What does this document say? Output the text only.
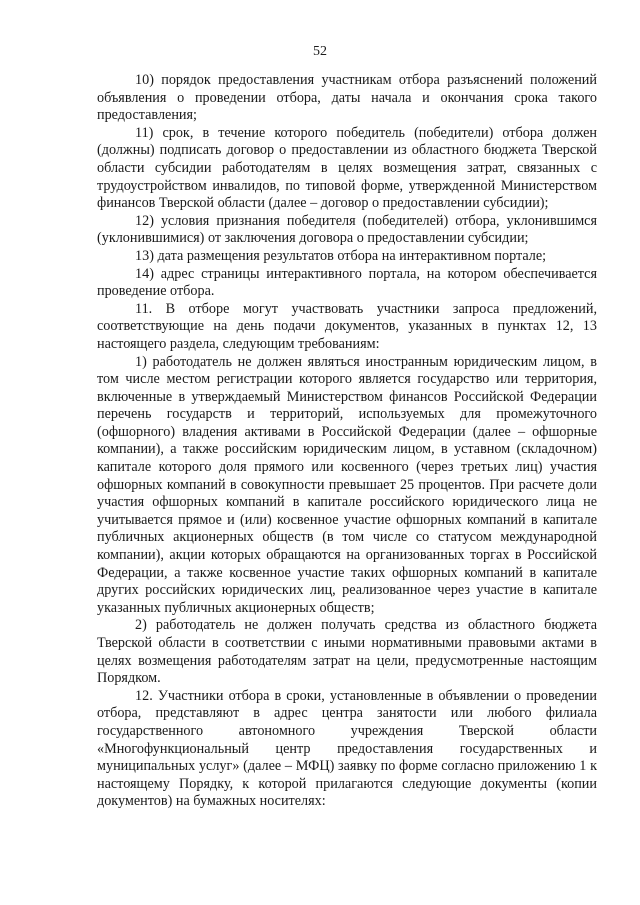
52

10) порядок предоставления участникам отбора разъяснений положений объявления о проведении отбора, даты начала и окончания срока такого предоставления;

11) срок, в течение которого победитель (победители) отбора должен (должны) подписать договор о предоставлении из областного бюджета Тверской области субсидии работодателям в целях возмещения затрат, связанных с трудоустройством инвалидов, по типовой форме, утвержденной Министерством финансов Тверской области (далее – договор о предоставлении субсидии);

12) условия признания победителя (победителей) отбора, уклонившимся (уклонившимися) от заключения договора о предоставлении субсидии;

13) дата размещения результатов отбора на интерактивном портале;

14) адрес страницы интерактивного портала, на котором обеспечивается проведение отбора.

11. В отборе могут участвовать участники запроса предложений, соответствующие на день подачи документов, указанных в пунктах 12, 13 настоящего раздела, следующим требованиям:

1) работодатель не должен являться иностранным юридическим лицом, в том числе местом регистрации которого является государство или территория, включенные в утверждаемый Министерством финансов Российской Федерации перечень государств и территорий, используемых для промежуточного (офшорного) владения активами в Российской Федерации (далее – офшорные компании), а также российским юридическим лицом, в уставном (складочном) капитале которого доля прямого или косвенного (через третьих лиц) участия офшорных компаний в совокупности превышает 25 процентов. При расчете доли участия офшорных компаний в капитале российского юридического лица не учитывается прямое и (или) косвенное участие офшорных компаний в капитале публичных акционерных обществ (в том числе со статусом международной компании), акции которых обращаются на организованных торгах в Российской Федерации, а также косвенное участие таких офшорных компаний в капитале других российских юридических лиц, реализованное через участие в капитале указанных публичных акционерных обществ;

2) работодатель не должен получать средства из областного бюджета Тверской области в соответствии с иными нормативными правовыми актами в целях возмещения работодателям затрат на цели, предусмотренные настоящим Порядком.

12. Участники отбора в сроки, установленные в объявлении о проведении отбора, представляют в адрес центра занятости или любого филиала государственного автономного учреждения Тверской области «Многофункциональный центр предоставления государственных и муниципальных услуг» (далее – МФЦ) заявку по форме согласно приложению 1 к настоящему Порядку, к которой прилагаются следующие документы (копии документов) на бумажных носителях:
